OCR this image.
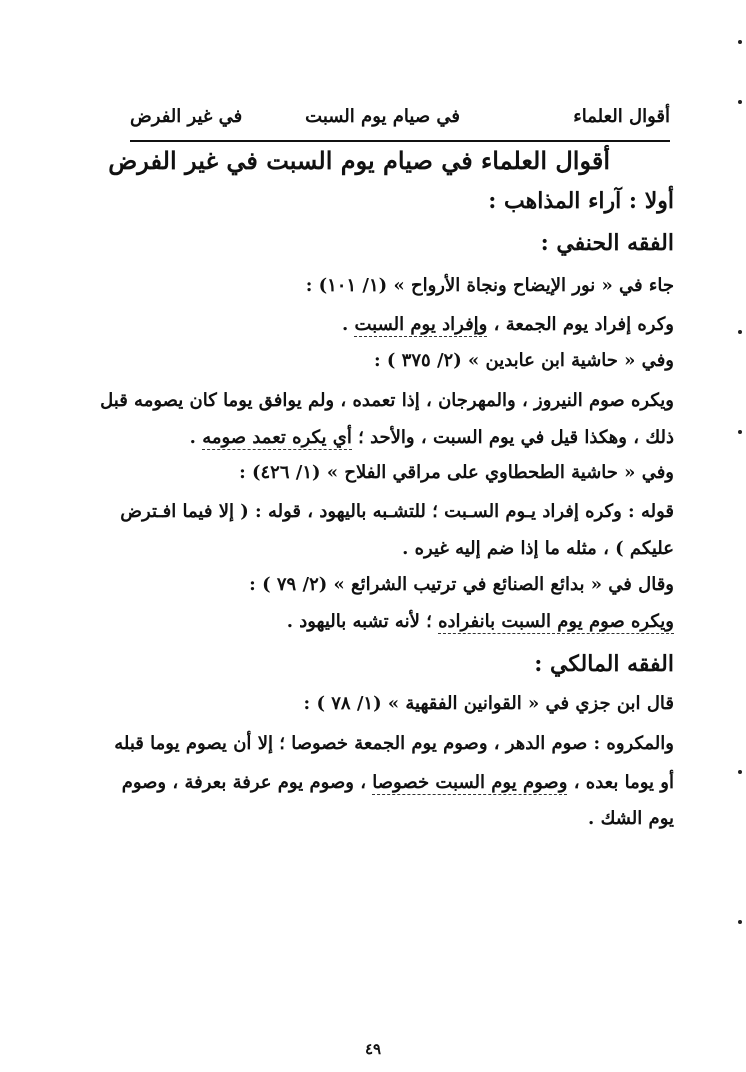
أقوال العلماء
في صيام يوم السبت
في غير الفرض
أقوال العلماء في صيام يوم السبت في غير الفرض
أولا : آراء المذاهب :
الفقه الحنفي :
جاء في « نور الإيضاح ونجاة الأرواح » (١/ ١٠١) :
وكره إفراد يوم الجمعة ، وإفراد يوم السبت .
وفي « حاشية ابن عابدين » (٢/ ٣٧٥ ) :
ويكره صوم النيروز ، والمهرجان ، إذا تعمده ، ولم يوافق يوما كان يصومه قبل
ذلك ، وهكذا قيل في يوم السبت ، والأحد ؛ أي يكره تعمد صومه .
وفي « حاشية الطحطاوي على مراقي الفلاح » (١/ ٤٢٦) :
قوله : وكره إفراد يـوم السـبت ؛ للتشـبه باليهود ، قوله : ( إلا فيما افـترض
عليكم ) ، مثله ما إذا ضم إليه غيره .
وقال في « بدائع الصنائع في ترتيب الشرائع » (٢/ ٧٩ ) :
ويكره صوم يوم السبت بانفراده ؛ لأنه تشبه باليهود .
الفقه المالكي :
قال ابن جزي في « القوانين الفقهية » (١/ ٧٨ ) :
والمكروه : صوم الدهر ، وصوم يوم الجمعة خصوصا ؛ إلا أن يصوم يوما قبله
أو يوما بعده ، وصوم يوم السبت خصوصا ، وصوم يوم عرفة بعرفة ، وصوم
يوم الشك .
٤٩
